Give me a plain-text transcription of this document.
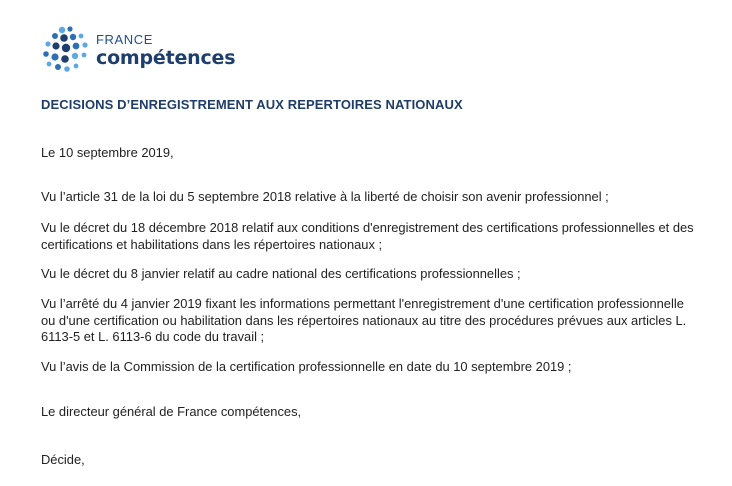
FRANCE
compétences
DECISIONS D’ENREGISTREMENT AUX REPERTOIRES NATIONAUX

Le 10 septembre 2019,

Vu l’article 31 de la loi du 5 septembre 2018 relative à la liberté de choisir son avenir professionnel ;

Vu le décret du 18 décembre 2018 relatif aux conditions d'enregistrement des certifications professionnelles et des certifications et habilitations dans les répertoires nationaux ;

Vu le décret du 8 janvier relatif au cadre national des certifications professionnelles ;

Vu l’arrêté du 4 janvier 2019 fixant les informations permettant l'enregistrement d'une certification professionnelle ou d'une certification ou habilitation dans les répertoires nationaux au titre des procédures prévues aux articles L. 6113-5 et L. 6113-6 du code du travail ;

Vu l’avis de la Commission de la certification professionnelle en date du 10 septembre 2019 ;

Le directeur général de France compétences,

Décide,
